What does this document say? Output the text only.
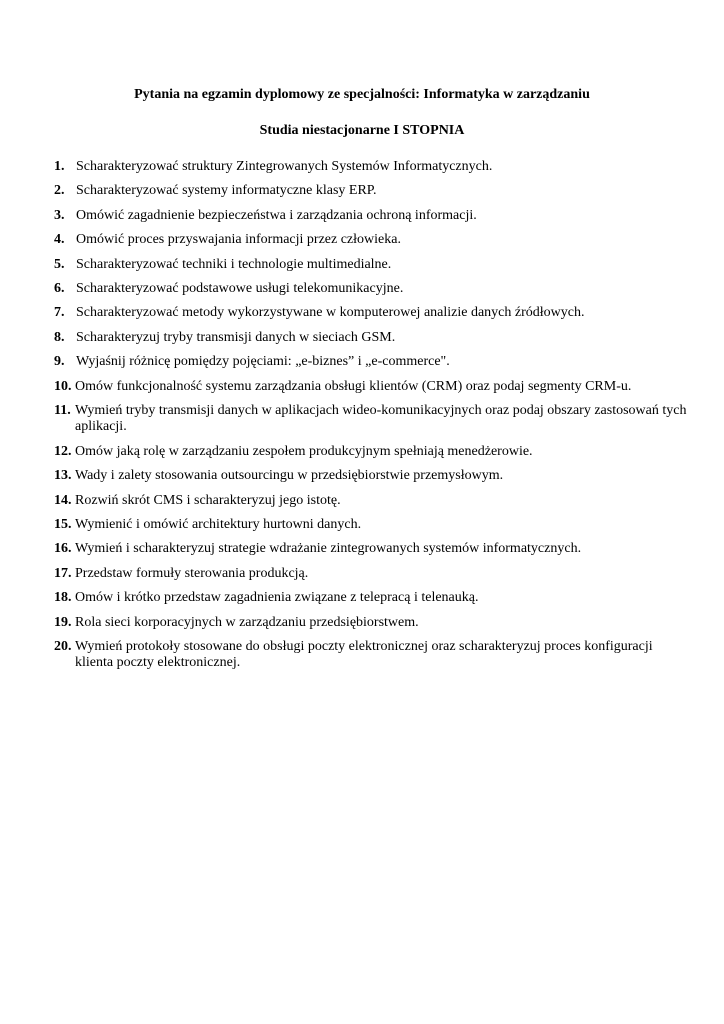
Pytania na egzamin dyplomowy ze specjalności: Informatyka w zarządzaniu
Studia niestacjonarne I STOPNIA
1. Scharakteryzować struktury Zintegrowanych Systemów Informatycznych.
2. Scharakteryzować systemy informatyczne klasy ERP.
3. Omówić zagadnienie bezpieczeństwa i zarządzania ochroną informacji.
4. Omówić proces przyswajania informacji przez człowieka.
5. Scharakteryzować techniki i technologie multimedialne.
6. Scharakteryzować podstawowe usługi telekomunikacyjne.
7. Scharakteryzować metody wykorzystywane w komputerowej analizie danych źródłowych.
8. Scharakteryzuj tryby transmisji danych w sieciach GSM.
9. Wyjaśnij różnicę pomiędzy pojęciami: „e-biznes” i „e-commerce".
10. Omów funkcjonalność systemu zarządzania obsługi klientów (CRM) oraz podaj segmenty CRM-u.
11. Wymień tryby transmisji danych w aplikacjach wideo-komunikacyjnych oraz podaj obszary zastosowań tych aplikacji.
12. Omów jaką rolę w zarządzaniu zespołem produkcyjnym spełniają menedżerowie.
13. Wady i zalety stosowania outsourcingu w przedsiębiorstwie przemysłowym.
14. Rozwiń skrót CMS i scharakteryzuj jego istotę.
15. Wymienić i omówić architektury hurtowni danych.
16. Wymień i scharakteryzuj strategie wdrażanie zintegrowanych systemów informatycznych.
17. Przedstaw formuły sterowania produkcją.
18. Omów i krótko przedstaw zagadnienia związane z telepracą i telenauką.
19. Rola sieci korporacyjnych w zarządzaniu przedsiębiorstwem.
20. Wymień protokoły stosowane do obsługi poczty elektronicznej oraz scharakteryzuj proces konfiguracji klienta poczty elektronicznej.
